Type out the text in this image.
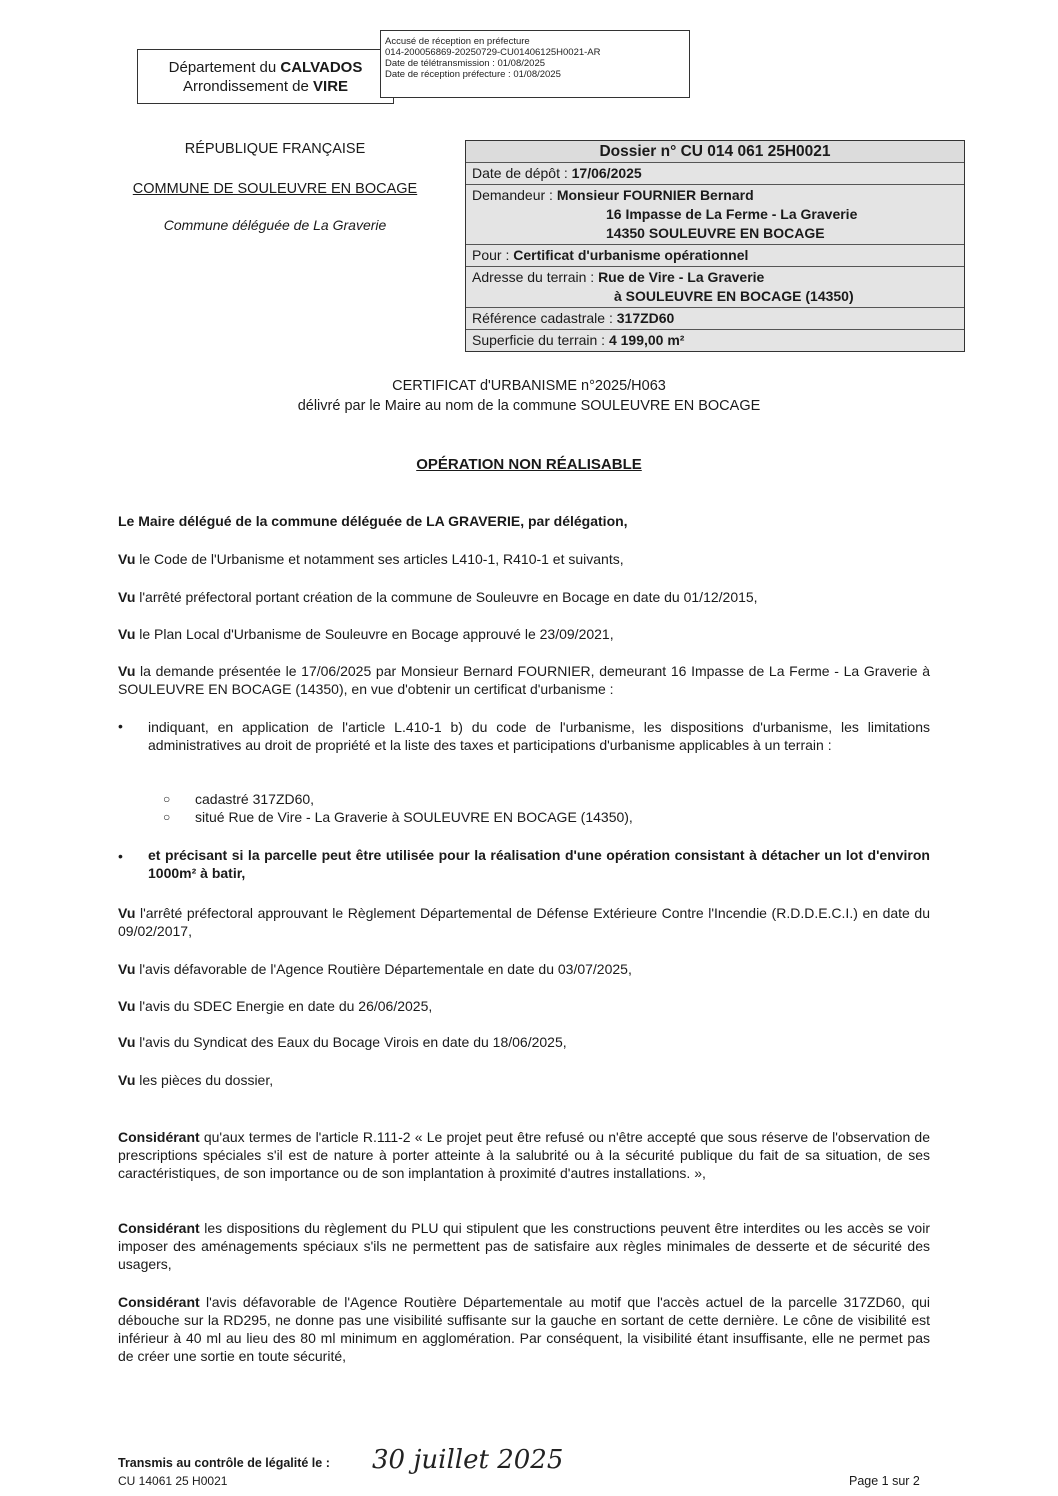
Département du CALVADOS
Arrondissement de VIRE
Accusé de réception en préfecture
014-200056869-20250729-CU01406125H0021-AR
Date de télétransmission : 01/08/2025
Date de réception préfecture : 01/08/2025
RÉPUBLIQUE FRANÇAISE
COMMUNE DE SOULEUVRE EN BOCAGE
Commune déléguée de La Graverie
Dossier n° CU 014 061 25H0021
Date de dépôt : 17/06/2025
Demandeur : Monsieur FOURNIER Bernard
16 Impasse de La Ferme - La Graverie
14350 SOULEUVRE EN BOCAGE
Pour : Certificat d'urbanisme opérationnel
Adresse du terrain : Rue de Vire - La Graverie
à SOULEUVRE EN BOCAGE (14350)
Référence cadastrale : 317ZD60
Superficie du terrain : 4 199,00 m²
CERTIFICAT d'URBANISME n°2025/H063
délivré par le Maire au nom de la commune SOULEUVRE EN BOCAGE
OPÉRATION NON RÉALISABLE
Le Maire délégué de la commune déléguée de LA GRAVERIE, par délégation,
Vu le Code de l'Urbanisme et notamment ses articles L410-1, R410-1 et suivants,
Vu l'arrêté préfectoral portant création de la commune de Souleuvre en Bocage en date du 01/12/2015,
Vu le Plan Local d'Urbanisme de Souleuvre en Bocage approuvé le 23/09/2021,
Vu la demande présentée le 17/06/2025 par Monsieur Bernard FOURNIER, demeurant 16 Impasse de La Ferme - La Graverie à SOULEUVRE EN BOCAGE (14350), en vue d'obtenir un certificat d'urbanisme :
• indiquant, en application de l'article L.410-1 b) du code de l'urbanisme, les dispositions d'urbanisme, les limitations administratives au droit de propriété et la liste des taxes et participations d'urbanisme applicables à un terrain :
○ cadastré 317ZD60,
○ situé Rue de Vire - La Graverie à SOULEUVRE EN BOCAGE (14350),
• et précisant si la parcelle peut être utilisée pour la réalisation d'une opération consistant à détacher un lot d'environ 1000m² à batir,
Vu l'arrêté préfectoral approuvant le Règlement Départemental de Défense Extérieure Contre l'Incendie (R.D.D.E.C.I.) en date du 09/02/2017,
Vu l'avis défavorable de l'Agence Routière Départementale en date du 03/07/2025,
Vu l'avis du SDEC Energie en date du 26/06/2025,
Vu l'avis du Syndicat des Eaux du Bocage Virois en date du 18/06/2025,
Vu les pièces du dossier,
Considérant qu'aux termes de l'article R.111-2 « Le projet peut être refusé ou n'être accepté que sous réserve de l'observation de prescriptions spéciales s'il est de nature à porter atteinte à la salubrité ou à la sécurité publique du fait de sa situation, de ses caractéristiques, de son importance ou de son implantation à proximité d'autres installations. »,
Considérant les dispositions du règlement du PLU qui stipulent que les constructions peuvent être interdites ou les accès se voir imposer des aménagements spéciaux s'ils ne permettent pas de satisfaire aux règles minimales de desserte et de sécurité des usagers,
Considérant l'avis défavorable de l'Agence Routière Départementale au motif que l'accès actuel de la parcelle 317ZD60, qui débouche sur la RD295, ne donne pas une visibilité suffisante sur la gauche en sortant de cette dernière. Le cône de visibilité est inférieur à 40 ml au lieu des 80 ml minimum en agglomération. Par conséquent, la visibilité étant insuffisante, elle ne permet pas de créer une sortie en toute sécurité,
Transmis au contrôle de légalité le : 30 juillet 2025
CU 14061 25 H0021	Page 1 sur 2
